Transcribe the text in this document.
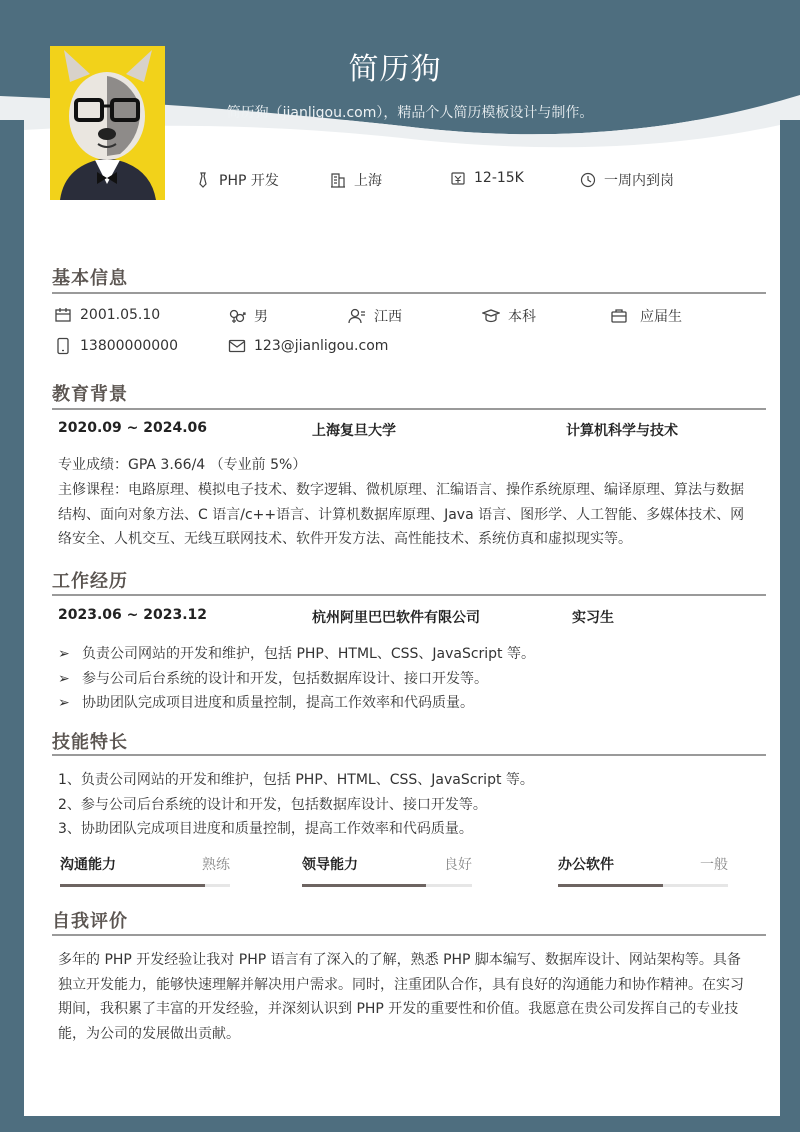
简历狗
简历狗（jianligou.com），精品个人简历模板设计与制作。
PHP 开发	上海	12-15K	一周内到岗
基本信息
2001.05.10	男	江西	本科	应届生
13800000000	123@jianligou.com
教育背景
2020.09 ~ 2024.06	上海复旦大学	计算机科学与技术
专业成绩：GPA 3.66/4 （专业前 5%）
主修课程：电路原理、模拟电子技术、数字逻辑、微机原理、汇编语言、操作系统原理、编译原理、算法与数据结构、面向对象方法、C 语言/c++语言、计算机数据库原理、Java 语言、图形学、人工智能、多媒体技术、网络安全、人机交互、无线互联网技术、软件开发方法、高性能技术、系统仿真和虚拟现实等。
工作经历
2023.06 ~ 2023.12	杭州阿里巴巴软件有限公司	实习生
➢ 负责公司网站的开发和维护，包括 PHP、HTML、CSS、JavaScript 等。
➢ 参与公司后台系统的设计和开发，包括数据库设计、接口开发等。
➢ 协助团队完成项目进度和质量控制，提高工作效率和代码质量。
技能特长
1、负责公司网站的开发和维护，包括 PHP、HTML、CSS、JavaScript 等。
2、参与公司后台系统的设计和开发，包括数据库设计、接口开发等。
3、协助团队完成项目进度和质量控制，提高工作效率和代码质量。
沟通能力	熟练	领导能力	良好	办公软件	一般
自我评价
多年的 PHP 开发经验让我对 PHP 语言有了深入的了解，熟悉 PHP 脚本编写、数据库设计、网站架构等。具备独立开发能力，能够快速理解并解决用户需求。同时，注重团队合作，具有良好的沟通能力和协作精神。在实习期间，我积累了丰富的开发经验，并深刻认识到 PHP 开发的重要性和价值。我愿意在贵公司发挥自己的专业技能，为公司的发展做出贡献。
